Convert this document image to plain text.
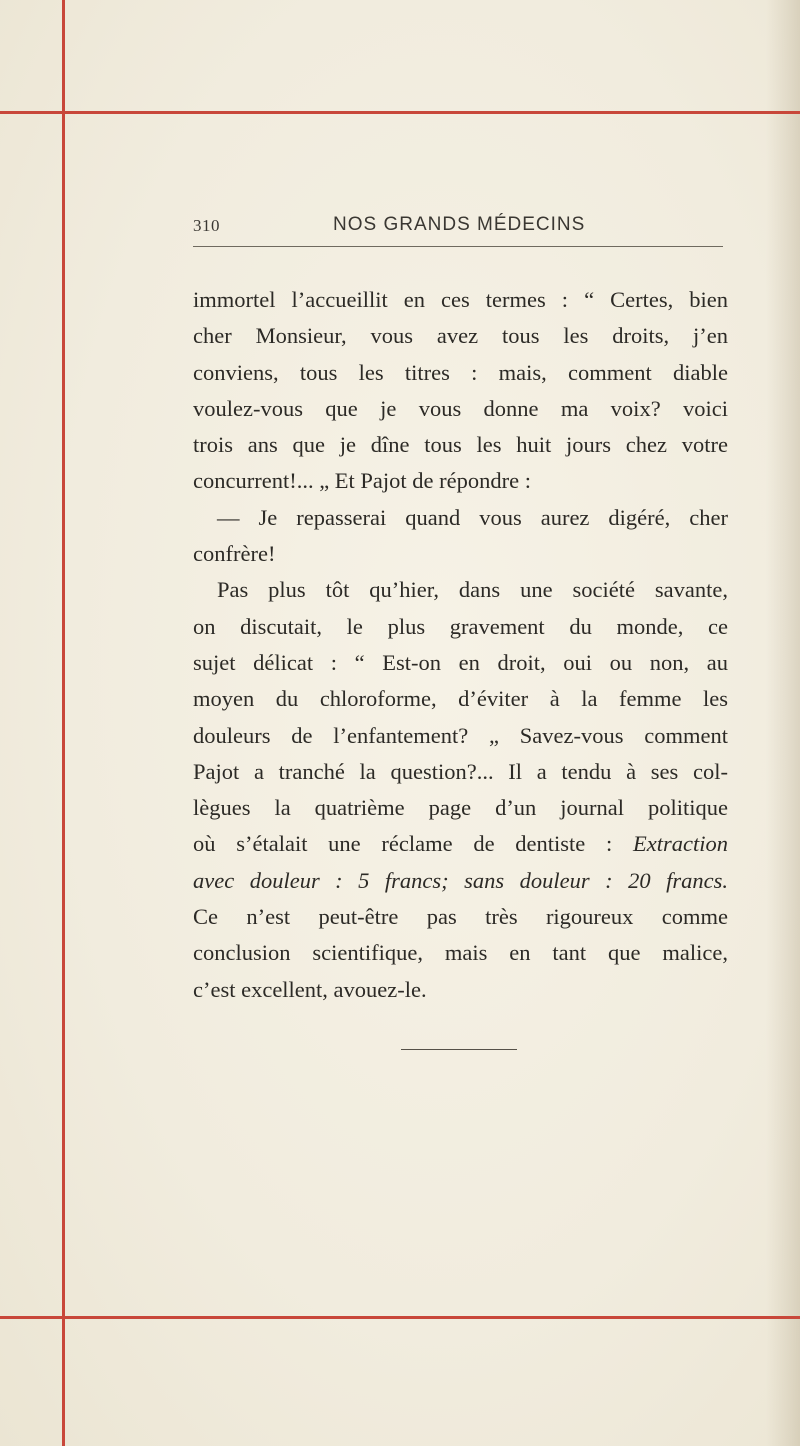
310	NOS GRANDS MÉDECINS
immortel l’accueillit en ces termes : “ Certes, bien
cher Monsieur, vous avez tous les droits, j’en
conviens, tous les titres : mais, comment diable
voulez-vous que je vous donne ma voix? voici
trois ans que je dîne tous les huit jours chez votre
concurrent!... „ Et Pajot de répondre :
— Je repasserai quand vous aurez digéré, cher
confrère!
Pas plus tôt qu’hier, dans une société savante,
on discutait, le plus gravement du monde, ce
sujet délicat : “ Est-on en droit, oui ou non, au
moyen du chloroforme, d’éviter à la femme les
douleurs de l’enfantement? „ Savez-vous comment
Pajot a tranché la question?... Il a tendu à ses col-
lègues la quatrième page d’un journal politique
où s’étalait une réclame de dentiste : Extraction
avec douleur : 5 francs; sans douleur : 20 francs.
Ce n’est peut-être pas très rigoureux comme
conclusion scientifique, mais en tant que malice,
c’est excellent, avouez-le.
